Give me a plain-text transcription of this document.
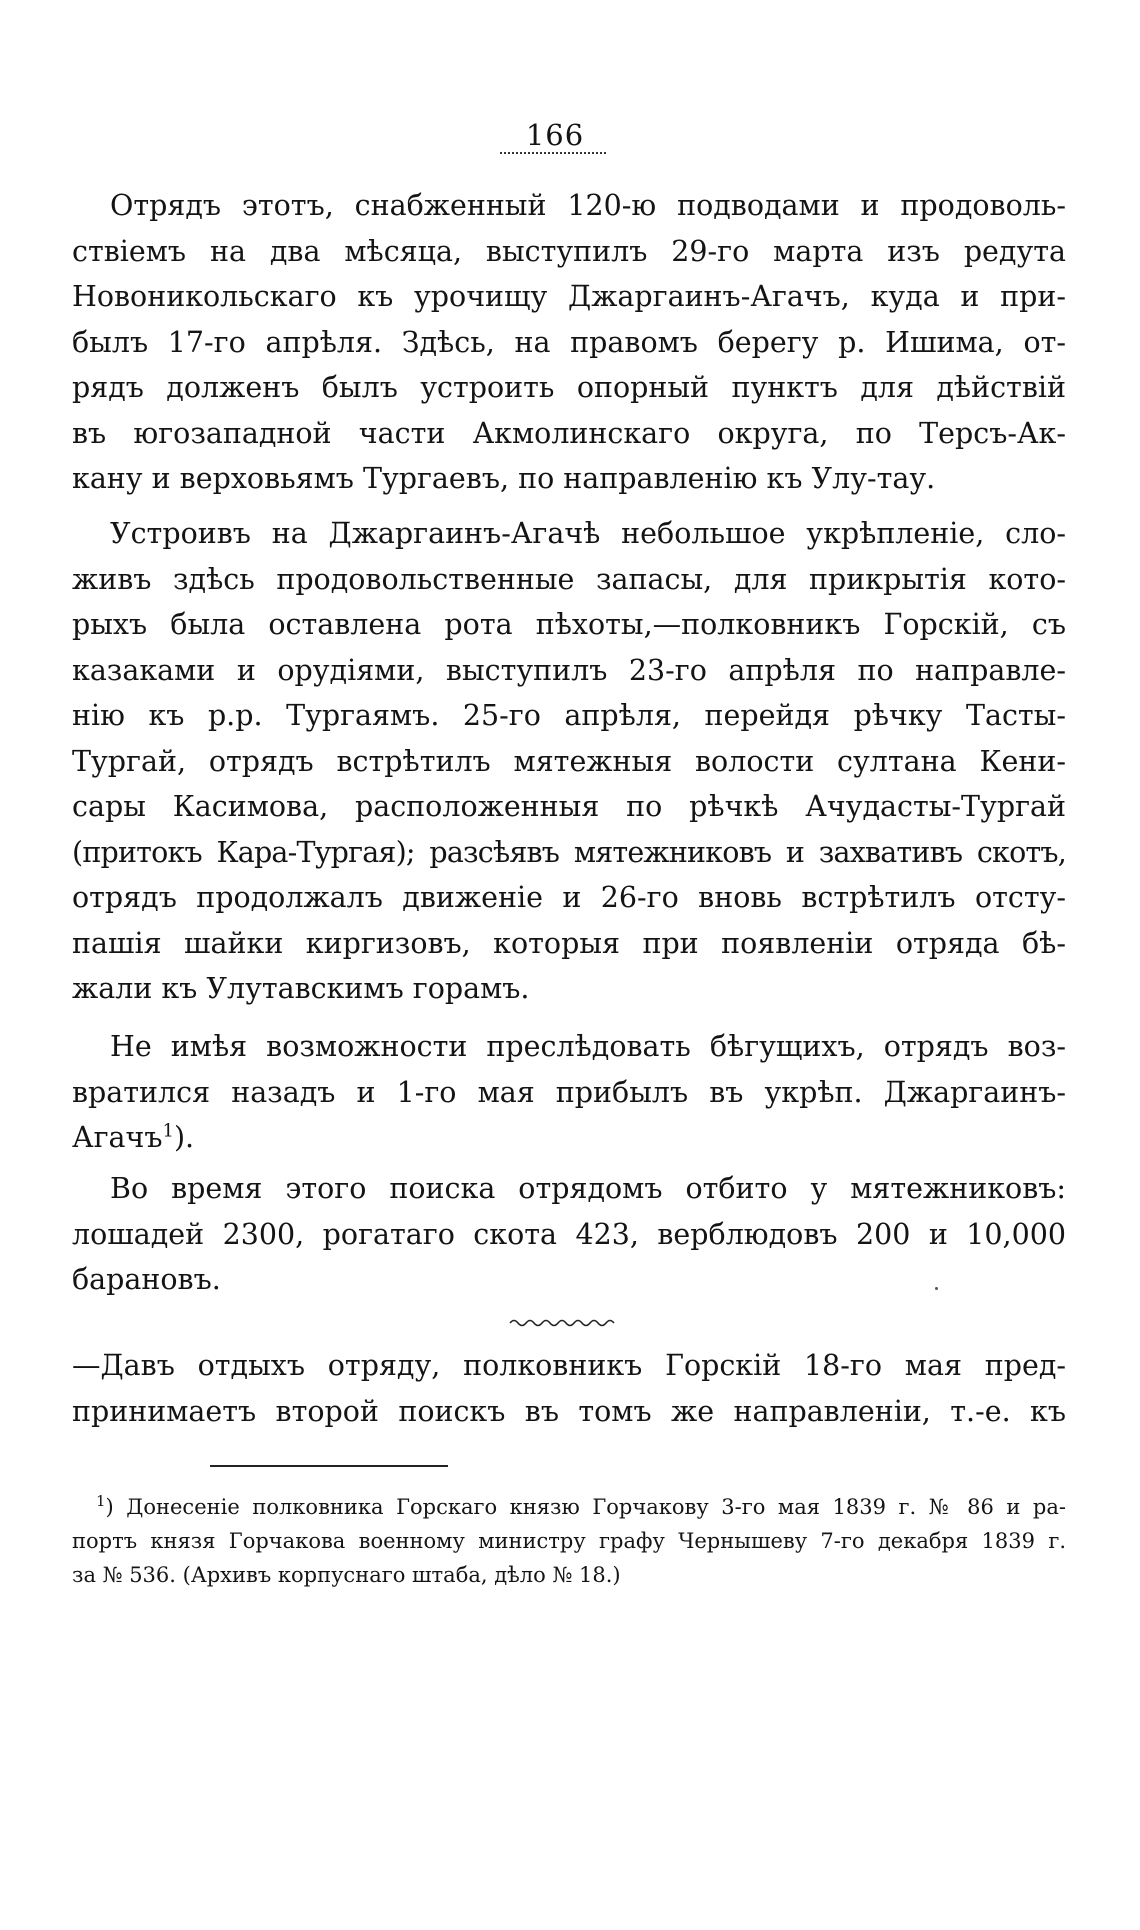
166

Отрядъ этотъ, снабженный 120-ю подводами и продоволь-
ствіемъ на два мѣсяца, выступилъ 29-го марта изъ редута
Новоникольскаго къ урочищу Джаргаинъ-Агачъ, куда и при-
былъ 17-го апрѣля. Здѣсь, на правомъ берегу р. Ишима, от-
рядъ долженъ былъ устроить опорный пунктъ для дѣйствій
въ югозападной части Акмолинскаго округа, по Терсъ-Ак-
кану и верховьямъ Тургаевъ, по направленію къ Улу-тау.

Устроивъ на Джаргаинъ-Агачѣ небольшое укрѣпленіе, сло-
живъ здѣсь продовольственные запасы, для прикрытія кото-
рыхъ была оставлена рота пѣхоты,—полковникъ Горскій, съ
казаками и орудіями, выступилъ 23-го апрѣля по направле-
нію къ р.р. Тургаямъ. 25-го апрѣля, перейдя рѣчку Тасты-
Тургай, отрядъ встрѣтилъ мятежныя волости султана Кени-
сары Касимова, расположенныя по рѣчкѣ Ачудасты-Тургай
(притокъ Кара-Тургая); разсѣявъ мятежниковъ и захвативъ скотъ,
отрядъ продолжалъ движеніе и 26-го вновь встрѣтилъ отсту-
пашія шайки киргизовъ, которыя при появленіи отряда бѣ-
жали къ Улутавскимъ горамъ.

Не имѣя возможности преслѣдовать бѣгущихъ, отрядъ воз-
вратился назадъ и 1-го мая прибылъ въ укрѣп. Джаргаинъ-
Агачъ$^1$).

Во время этого поиска отрядомъ отбито у мятежниковъ:
лошадей 2300, рогатаго скота 423, верблюдовъ 200 и 10,000
барановъ.

—Давъ отдыхъ отряду, полковникъ Горскій 18-го мая пред-
принимаетъ второй поискъ въ томъ же направленіи, т.-е. къ

$^1$) Донесеніе полковника Горскаго князю Горчакову 3-го мая 1839 г. № 86 и ра-
портъ князя Горчакова военному министру графу Чернышеву 7-го декабря 1839 г.
за № 536. (Архивъ корпуснаго штаба, дѣло № 18.)
